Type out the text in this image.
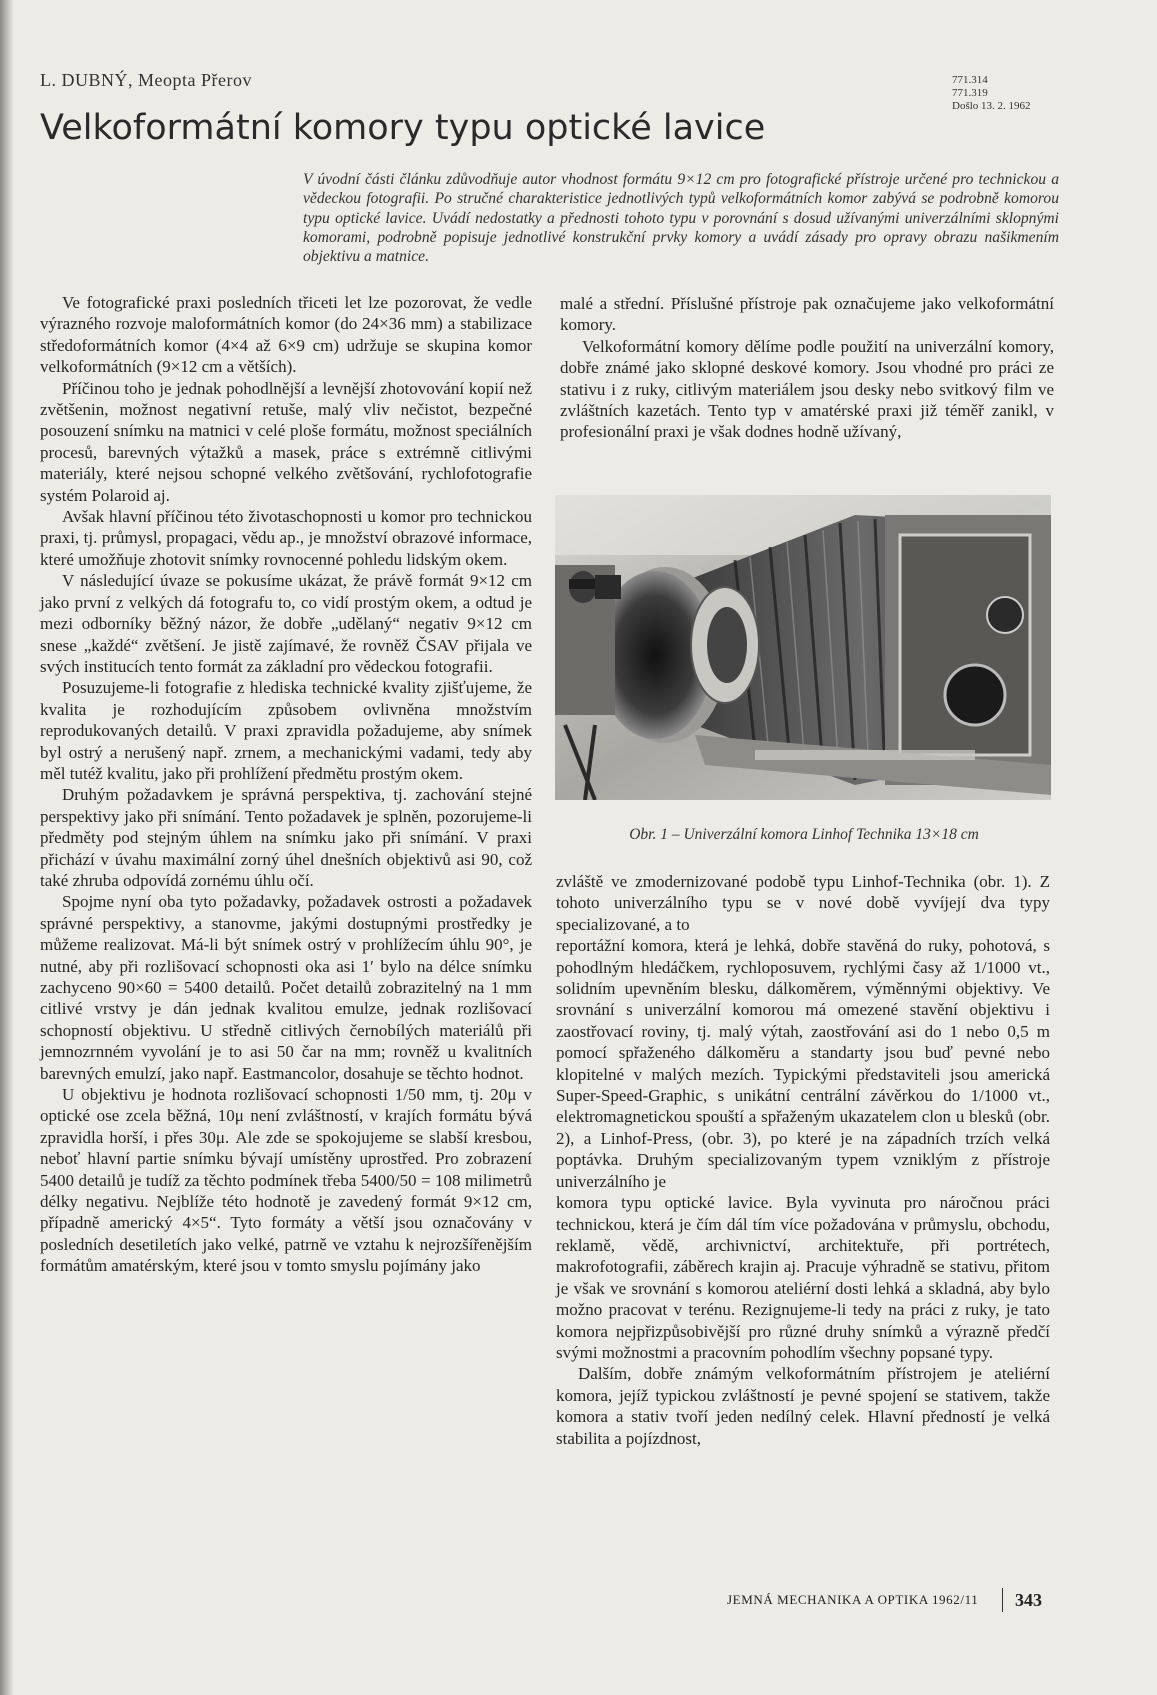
L. DUBNÝ, Meopta Přerov	771.314
771.319
Došlo 13. 2. 1962
Velkoformátní komory typu optické lavice
V úvodní části článku zdůvodňuje autor vhodnost formátu 9×12 cm pro fotografické přístroje určené pro technickou a vědeckou fotografii. Po stručné charakteristice jednotlivých typů velkoformátních komor zabývá se podrobně komorou typu optické lavice. Uvádí nedostatky a přednosti tohoto typu v porovnání s dosud užívanými univerzálními sklopnými komorami, podrobně popisuje jednotlivé konstrukční prvky komory a uvádí zásady pro opravy obrazu našikmením objektivu a matnice.

Ve fotografické praxi posledních třiceti let lze pozorovat, že vedle výrazného rozvoje maloformátních komor (do 24×36 mm) a stabilizace středoformátních komor (4×4 až 6×9 cm) udržuje se skupina komor velkoformátních (9×12 cm a větších).

Příčinou toho je jednak pohodlnější a levnější zhotovování kopií než zvětšenin, možnost negativní retuše, malý vliv nečistot, bezpečné posouzení snímku na matnici v celé ploše formátu, možnost speciálních procesů, barevných výtažků a masek, práce s extrémně citlivými materiály, které nejsou schopné velkého zvětšování, rychlofotografie systém Polaroid aj.

Avšak hlavní příčinou této životaschopnosti u komor pro technickou praxi, tj. průmysl, propagaci, vědu ap., je množství obrazové informace, které umožňuje zhotovit snímky rovnocenné pohledu lidským okem.

V následující úvaze se pokusíme ukázat, že právě formát 9×12 cm jako první z velkých dá fotografu to, co vidí prostým okem, a odtud je mezi odborníky běžný názor, že dobře „udělaný“ negativ 9×12 cm snese „každé“ zvětšení. Je jistě zajímavé, že rovněž ČSAV přijala ve svých institucích tento formát za základní pro vědeckou fotografii.

Posuzujeme-li fotografie z hlediska technické kvality zjišťujeme, že kvalita je rozhodujícím způsobem ovlivněna množstvím reprodukovaných detailů. V praxi zpravidla požadujeme, aby snímek byl ostrý a nerušený např. zrnem, a mechanickými vadami, tedy aby měl tutéž kvalitu, jako při prohlížení předmětu prostým okem.

Druhým požadavkem je správná perspektiva, tj. zachování stejné perspektivy jako při snímání. Tento požadavek je splněn, pozorujeme-li předměty pod stejným úhlem na snímku jako při snímání. V praxi přichází v úvahu maximální zorný úhel dnešních objektivů asi 90, což také zhruba odpovídá zornému úhlu očí.

Spojme nyní oba tyto požadavky, požadavek ostrosti a požadavek správné perspektivy, a stanovme, jakými dostupnými prostředky je můžeme realizovat. Má-li být snímek ostrý v prohlížecím úhlu 90°, je nutné, aby při rozlišovací schopnosti oka asi 1′ bylo na délce snímku zachyceno 90×60 = 5400 detailů. Počet detailů zobrazitelný na 1 mm citlivé vrstvy je dán jednak kvalitou emulze, jednak rozlišovací schopností objektivu. U středně citlivých černobílých materiálů při jemnozrnném vyvolání je to asi 50 čar na mm; rovněž u kvalitních barevných emulzí, jako např. Eastmancolor, dosahuje se těchto hodnot.

U objektivu je hodnota rozlišovací schopnosti 1/50 mm, tj. 20μ v optické ose zcela běžná, 10μ není zvláštností, v krajích formátu bývá zpravidla horší, i přes 30μ. Ale zde se spokojujeme se slabší kresbou, neboť hlavní partie snímku bývají umístěny uprostřed. Pro zobrazení 5400 detailů je tudíž za těchto podmínek třeba 5400/50 = 108 milimetrů délky negativu. Nejblíže této hodnotě je zavedený formát 9×12 cm, případně americký 4×5“. Tyto formáty a větší jsou označovány v posledních desetiletích jako velké, patrně ve vztahu k nejrozšířenějším formátům amatérským, které jsou v tomto smyslu pojímány jako

malé a střední. Příslušné přístroje pak označujeme jako velkoformátní komory.

Velkoformátní komory dělíme podle použití na univerzální komory, dobře známé jako sklopné deskové komory. Jsou vhodné pro práci ze stativu i z ruky, citlivým materiálem jsou desky nebo svitkový film ve zvláštních kazetách. Tento typ v amatérské praxi již téměř zanikl, v profesionální praxi je však dodnes hodně užívaný,

Obr. 1 – Univerzální komora Linhof Technika 13×18 cm

zvláště ve zmodernizované podobě typu Linhof-Technika (obr. 1). Z tohoto univerzálního typu se v nové době vyvíjejí dva typy specializované, a to

reportážní komora, která je lehká, dobře stavěná do ruky, pohotová, s pohodlným hledáčkem, rychloposuvem, rychlými časy až 1/1000 vt., solidním upevněním blesku, dálkoměrem, výměnnými objektivy. Ve srovnání s univerzální komorou má omezené stavění objektivu i zaostřovací roviny, tj. malý výtah, zaostřování asi do 1 nebo 0,5 m pomocí spřaženého dálkoměru a standarty jsou buď pevné nebo klopitelné v malých mezích. Typickými představiteli jsou americká Super-Speed-Graphic, s unikátní centrální závěrkou do 1/1000 vt., elektromagnetickou spouští a spřaženým ukazatelem clon u blesků (obr. 2), a Linhof-Press, (obr. 3), po které je na západních trzích velká poptávka. Druhým specializovaným typem vzniklým z přístroje univerzálního je

komora typu optické lavice. Byla vyvinuta pro náročnou práci technickou, která je čím dál tím více požadována v průmyslu, obchodu, reklamě, vědě, archivnictví, architektuře, při portrétech, makrofotografii, záběrech krajin aj. Pracuje výhradně se stativu, přitom je však ve srovnání s komorou ateliérní dosti lehká a skladná, aby bylo možno pracovat v terénu. Rezignujeme-li tedy na práci z ruky, je tato komora nejpřizpůsobivější pro různé druhy snímků a výrazně předčí svými možnostmi a pracovním pohodlím všechny popsané typy.

Dalším, dobře známým velkoformátním přístrojem je ateliérní komora, jejíž typickou zvláštností je pevné spojení se stativem, takže komora a stativ tvoří jeden nedílný celek. Hlavní předností je velká stabilita a pojízdnost,

JEMNÁ MECHANIKA A OPTIKA 1962/11 343
